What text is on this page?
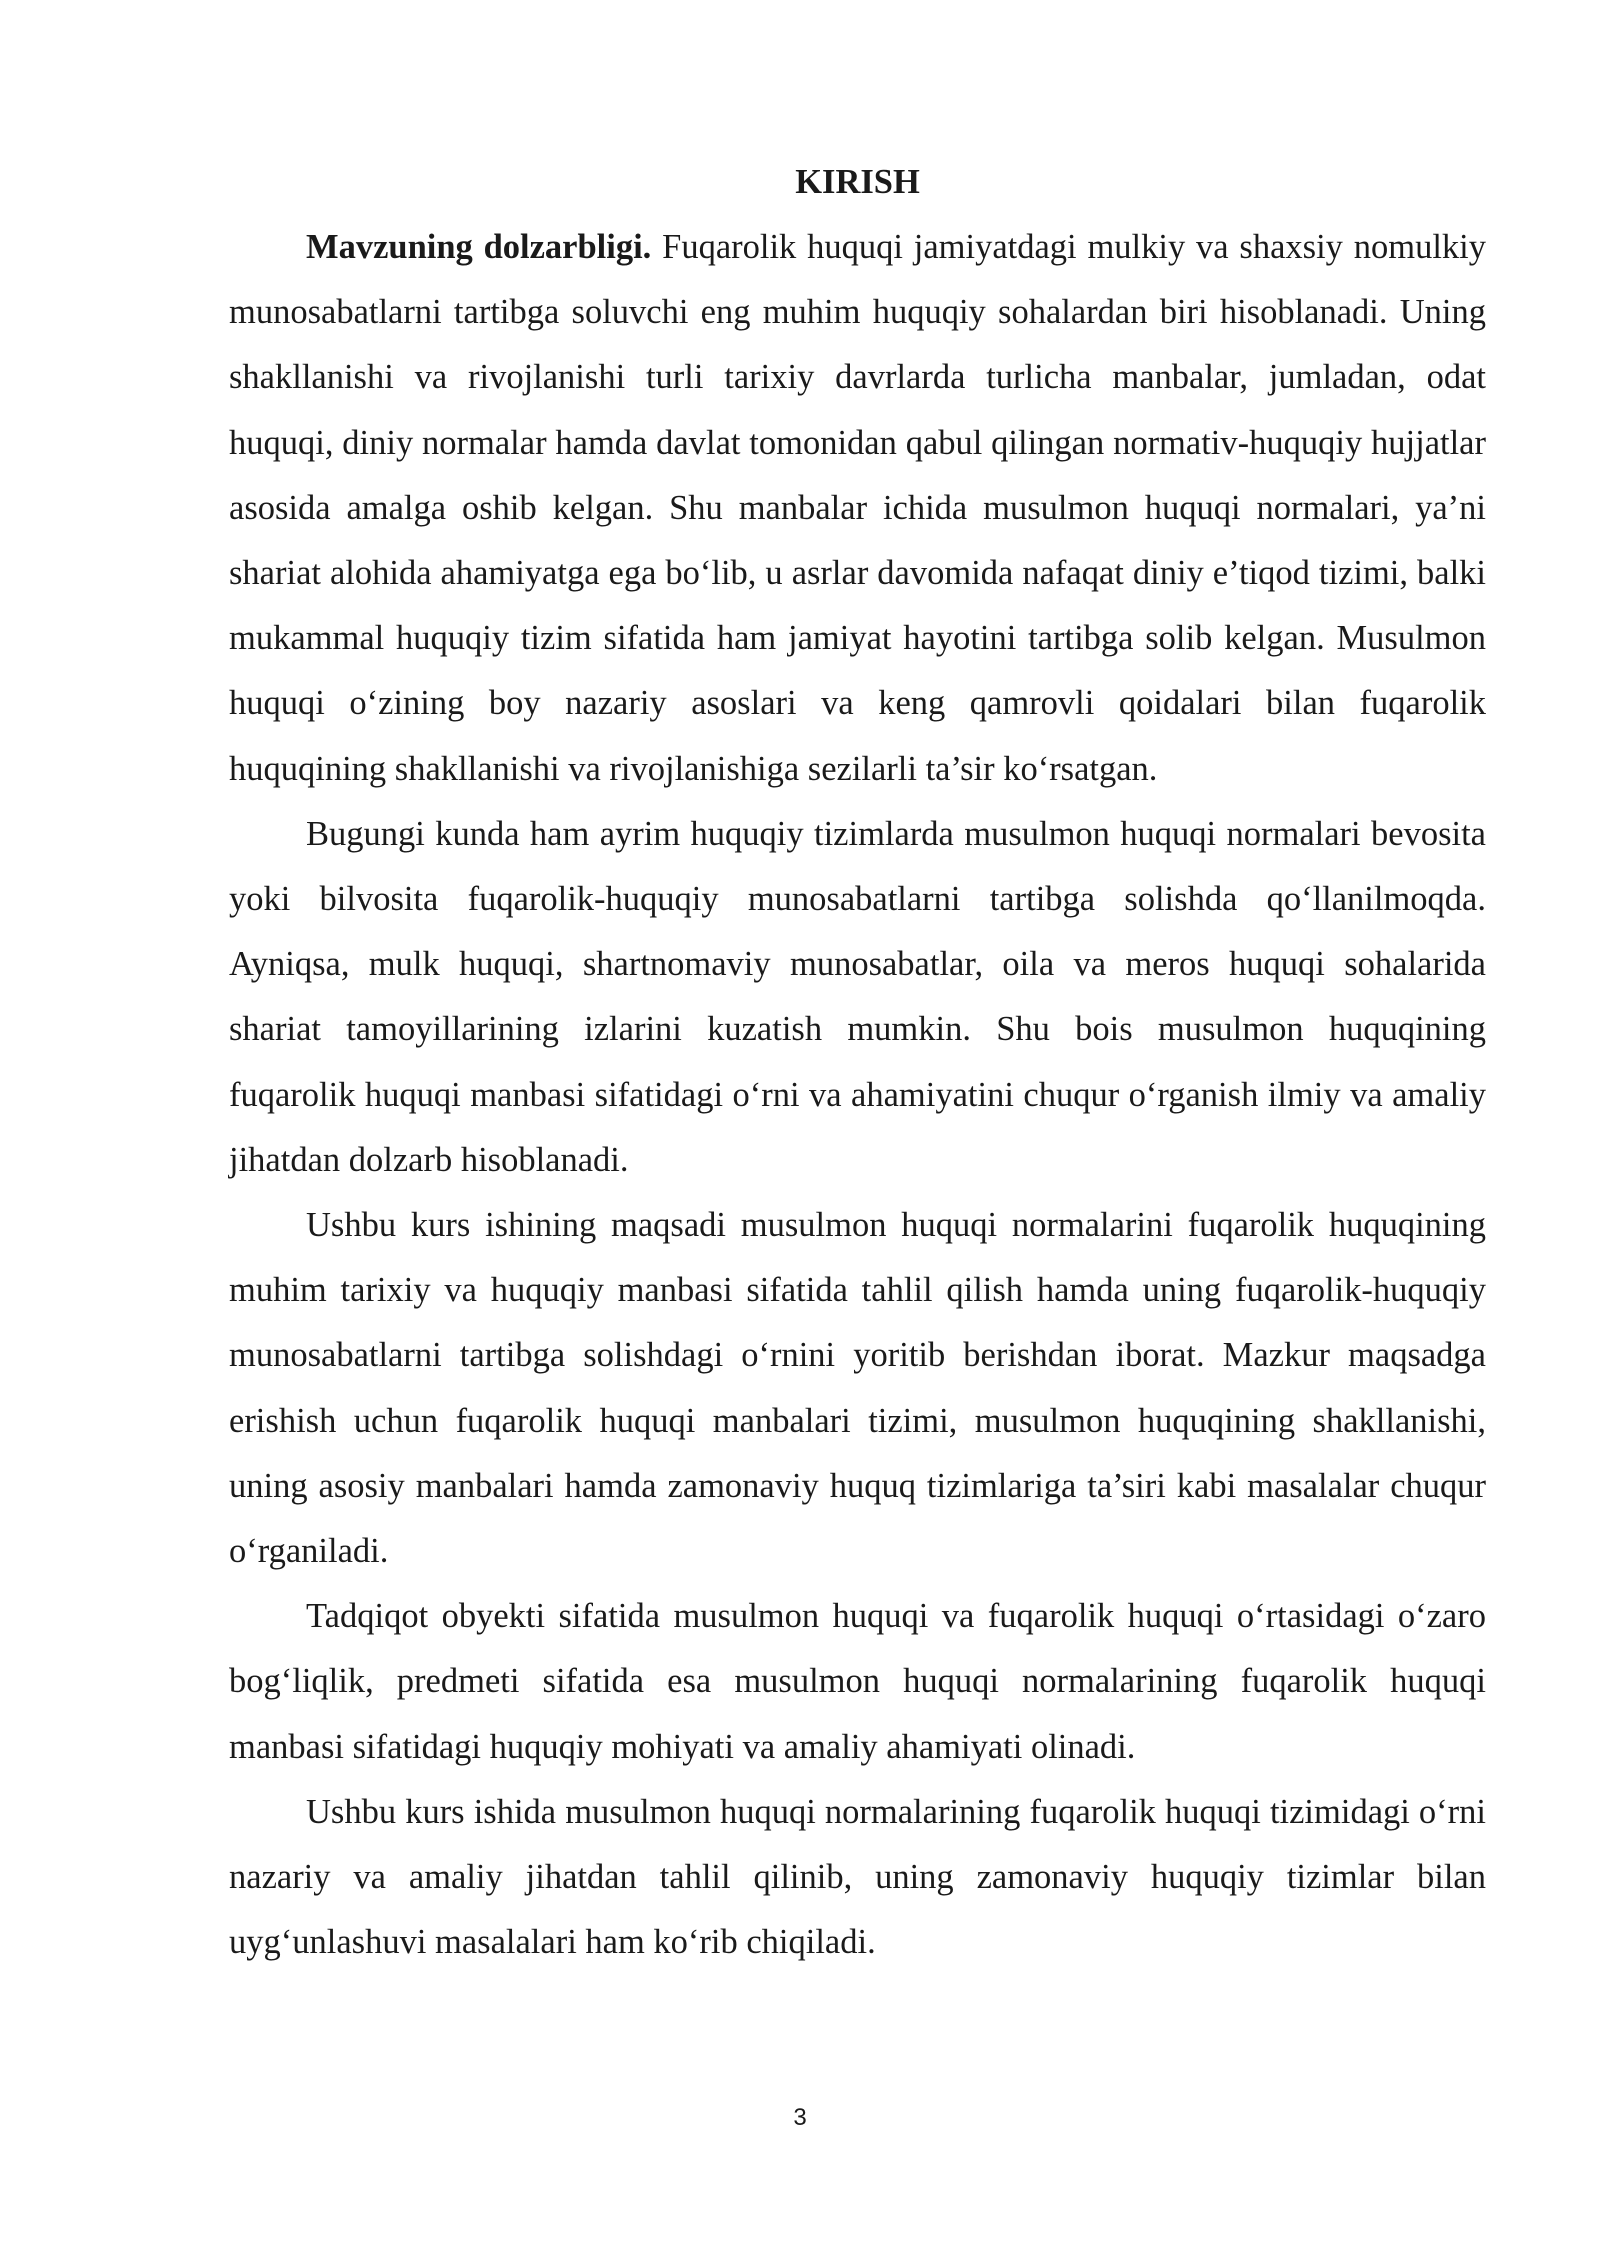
KIRISH

Mavzuning dolzarbligi. Fuqarolik huquqi jamiyatdagi mulkiy va shaxsiy nomulkiy munosabatlarni tartibga soluvchi eng muhim huquqiy sohalardan biri hisoblanadi. Uning shakllanishi va rivojlanishi turli tarixiy davrlarda turlicha manbalar, jumladan, odat huquqi, diniy normalar hamda davlat tomonidan qabul qilingan normativ-huquqiy hujjatlar asosida amalga oshib kelgan. Shu manbalar ichida musulmon huquqi normalari, ya’ni shariat alohida ahamiyatga ega bo‘lib, u asrlar davomida nafaqat diniy e’tiqod tizimi, balki mukammal huquqiy tizim sifatida ham jamiyat hayotini tartibga solib kelgan. Musulmon huquqi o‘zining boy nazariy asoslari va keng qamrovli qoidalari bilan fuqarolik huquqining shakllanishi va rivojlanishiga sezilarli ta’sir ko‘rsatgan.

Bugungi kunda ham ayrim huquqiy tizimlarda musulmon huquqi normalari bevosita yoki bilvosita fuqarolik-huquqiy munosabatlarni tartibga solishda qo‘llanilmoqda. Ayniqsa, mulk huquqi, shartnomaviy munosabatlar, oila va meros huquqi sohalarida shariat tamoyillarining izlarini kuzatish mumkin. Shu bois musulmon huquqining fuqarolik huquqi manbasi sifatidagi o‘rni va ahamiyatini chuqur o‘rganish ilmiy va amaliy jihatdan dolzarb hisoblanadi.

Ushbu kurs ishining maqsadi musulmon huquqi normalarini fuqarolik huquqining muhim tarixiy va huquqiy manbasi sifatida tahlil qilish hamda uning fuqarolik-huquqiy munosabatlarni tartibga solishdagi o‘rnini yoritib berishdan iborat. Mazkur maqsadga erishish uchun fuqarolik huquqi manbalari tizimi, musulmon huquqining shakllanishi, uning asosiy manbalari hamda zamonaviy huquq tizimlariga ta’siri kabi masalalar chuqur o‘rganiladi.

Tadqiqot obyekti sifatida musulmon huquqi va fuqarolik huquqi o‘rtasidagi o‘zaro bog‘liqlik, predmeti sifatida esa musulmon huquqi normalarining fuqarolik huquqi manbasi sifatidagi huquqiy mohiyati va amaliy ahamiyati olinadi.

Ushbu kurs ishida musulmon huquqi normalarining fuqarolik huquqi tizimidagi o‘rni nazariy va amaliy jihatdan tahlil qilinib, uning zamonaviy huquqiy tizimlar bilan uyg‘unlashuvi masalalari ham ko‘rib chiqiladi.

3
